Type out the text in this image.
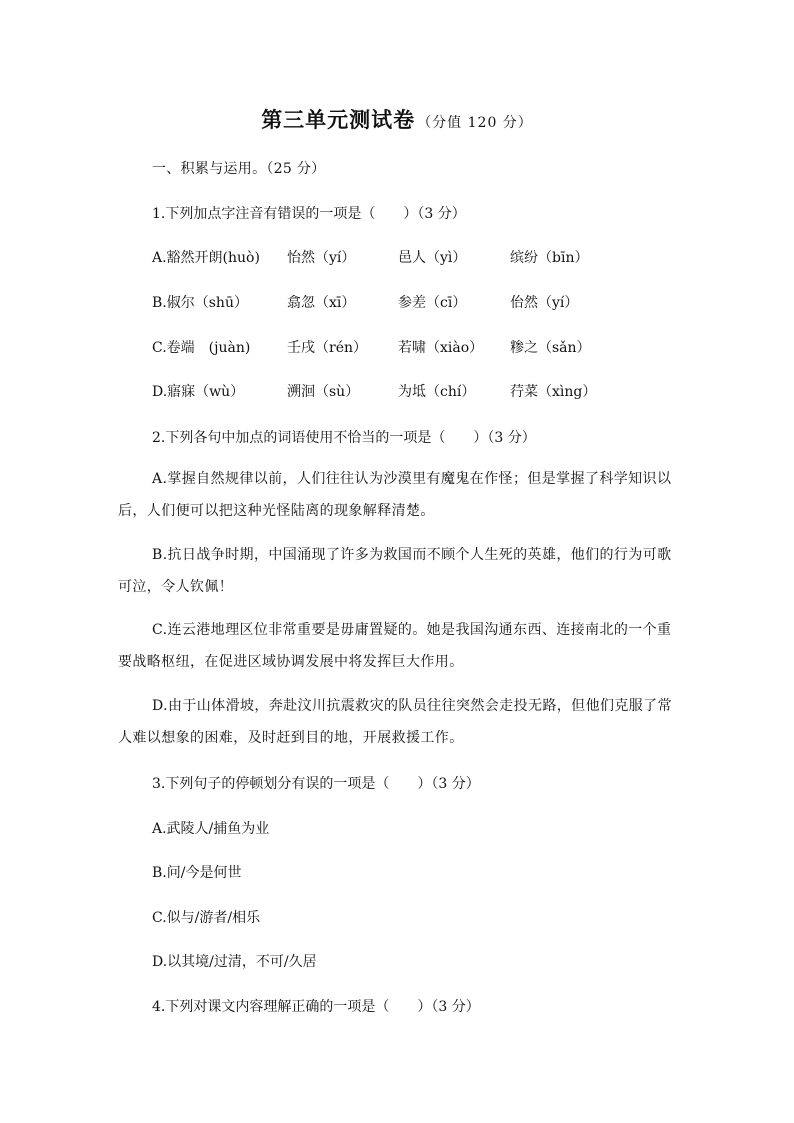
第三单元测试卷 （分值 120 分）
一、积累与运用。（25 分）
1.下列加点字注音有错误的一项是（　　）（3 分）
A.豁然开朗(huò) 怡然（yí）	邑人（yì）	缤纷（bīn）
B.俶尔（shū）	翕忽（xī）	参差（cī）	佁然（yí）
C.卷端　(juàn)	壬戌（rén） 若啸（xiào） 糁之（sǎn）
D.寤寐（wù）	溯洄（sù）	为坻（chí） 荇菜（xìng）
2.下列各句中加点的词语使用不恰当的一项是（　　）（3 分）
A.掌握自然规律以前，人们往往认为沙漠里有魔鬼在作怪；但是掌握了科学知识以后，人们便可以把这种光怪陆离的现象解释清楚。
B.抗日战争时期，中国涌现了许多为救国而不顾个人生死的英雄，他们的行为可歌可泣，令人钦佩！
C.连云港地理区位非常重要是毋庸置疑的。她是我国沟通东西、连接南北的一个重要战略枢纽，在促进区域协调发展中将发挥巨大作用。
D.由于山体滑坡，奔赴汶川抗震救灾的队员往往突然会走投无路，但他们克服了常人难以想象的困难，及时赶到目的地，开展救援工作。
3.下列句子的停顿划分有误的一项是（　　）（3 分）
A.武陵人/捕鱼为业
B.问/今是何世
C.似与/游者/相乐
D.以其境/过清，不可/久居
4.下列对课文内容理解正确的一项是（　　）（3 分）
